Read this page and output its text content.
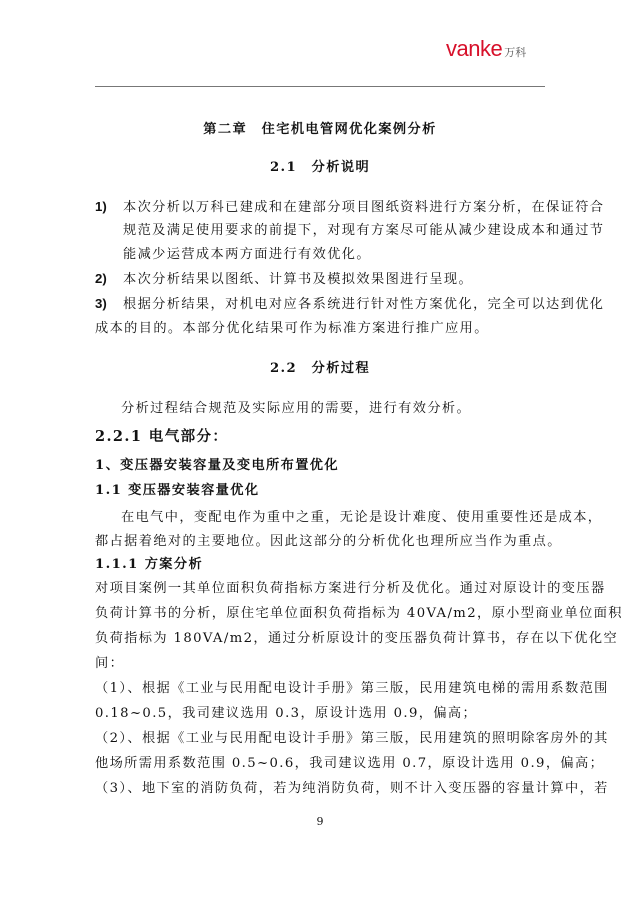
vanke 万科
第二章　住宅机电管网优化案例分析
2.1　分析说明
1) 本次分析以万科已建成和在建部分项目图纸资料进行方案分析，在保证符合
规范及满足使用要求的前提下，对现有方案尽可能从减少建设成本和通过节
能减少运营成本两方面进行有效优化。
2) 本次分析结果以图纸、计算书及模拟效果图进行呈现。
3) 根据分析结果，对机电对应各系统进行针对性方案优化，完全可以达到优化
成本的目的。本部分优化结果可作为标准方案进行推广应用。
2.2　分析过程
分析过程结合规范及实际应用的需要，进行有效分析。
2.2.1 电气部分：
1、变压器安装容量及变电所布置优化
1.1 变压器安装容量优化
在电气中，变配电作为重中之重，无论是设计难度、使用重要性还是成本，
都占据着绝对的主要地位。因此这部分的分析优化也理所应当作为重点。
1.1.1 方案分析
对项目案例一其单位面积负荷指标方案进行分析及优化。通过对原设计的变压器
负荷计算书的分析，原住宅单位面积负荷指标为 40VA/m2，原小型商业单位面积
负荷指标为 180VA/m2，通过分析原设计的变压器负荷计算书，存在以下优化空
间：
（1）、根据《工业与民用配电设计手册》第三版，民用建筑电梯的需用系数范围
0.18~0.5，我司建议选用 0.3，原设计选用 0.9，偏高；
（2）、根据《工业与民用配电设计手册》第三版，民用建筑的照明除客房外的其
他场所需用系数范围 0.5~0.6，我司建议选用 0.7，原设计选用 0.9，偏高；
（3）、地下室的消防负荷，若为纯消防负荷，则不计入变压器的容量计算中，若
9
